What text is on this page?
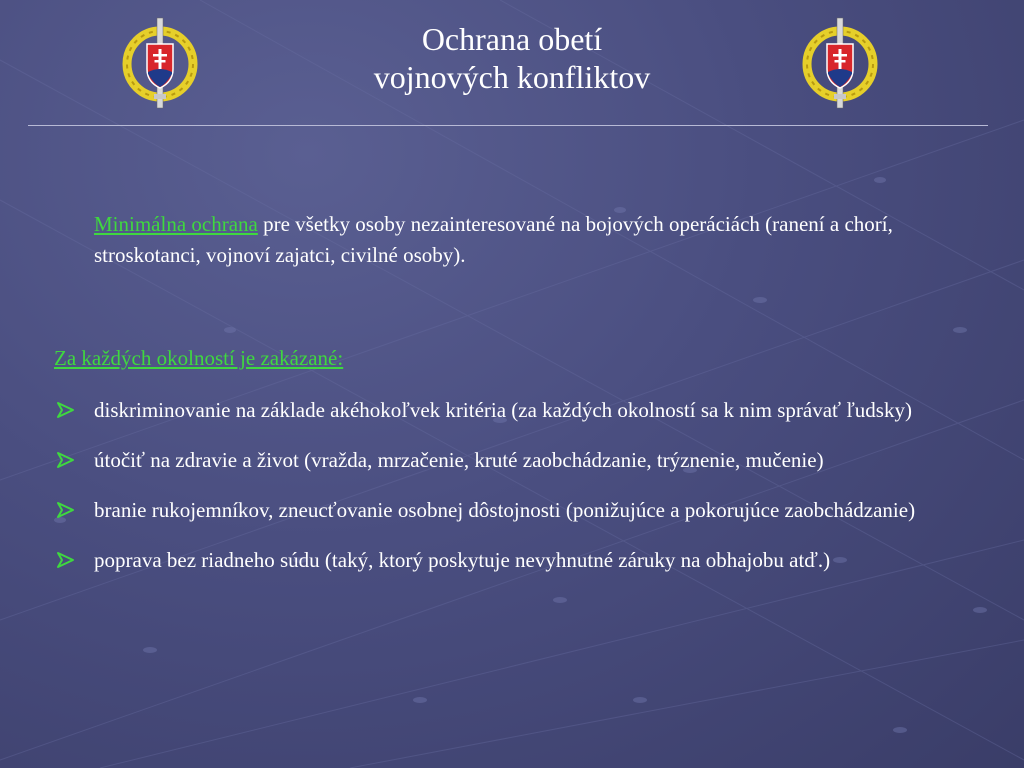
Ochrana obetí
vojnových konfliktov
Minimálna ochrana pre všetky osoby nezainteresované na bojových operáciách (ranení a chorí, stroskotanci, vojnoví zajatci, civilné osoby).
Za každých okolností je zakázané:
diskriminovanie na základe akéhokoľvek kritéria (za každých okolností sa k nim správať ľudsky)
útočiť na zdravie a život (vražda, mrzačenie, kruté zaobchádzanie, trýznenie, mučenie)
branie rukojemníkov, zneucťovanie osobnej dôstojnosti (ponižujúce a pokorujúce zaobchádzanie)
poprava bez riadneho súdu (taký, ktorý poskytuje nevyhnutné záruky na obhajobu atď.)
